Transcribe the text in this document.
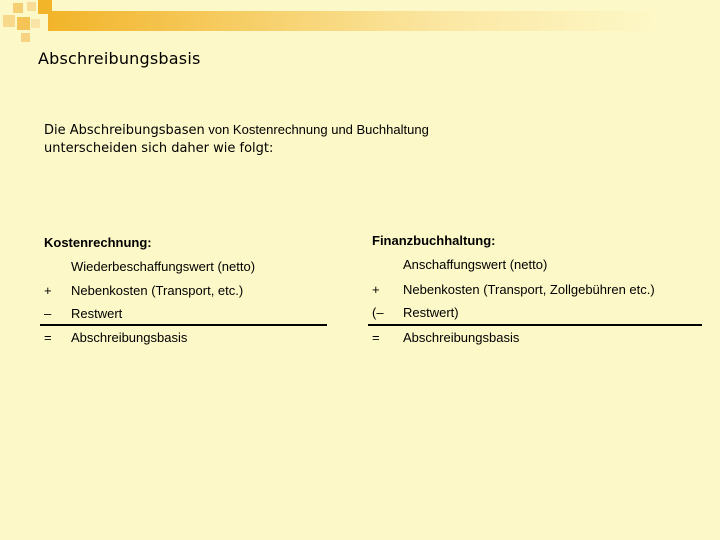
Abschreibungsbasis
Die Abschreibungsbasen von Kostenrechnung und Buchhaltung
unterscheiden sich daher wie folgt:
Kostenrechnung:
Wiederbeschaffungswert (netto)
+ Nebenkosten (Transport, etc.)
– Restwert
= Abschreibungsbasis
Finanzbuchhaltung:
Anschaffungswert (netto)
+ Nebenkosten (Transport, Zollgebühren etc.)
(– Restwert)
= Abschreibungsbasis
